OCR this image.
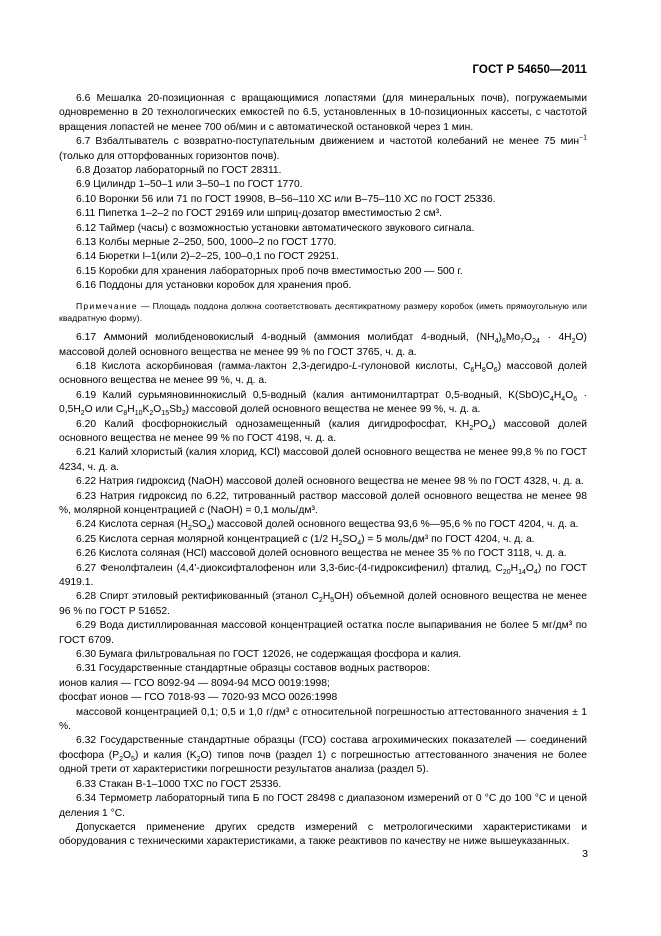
ГОСТ Р 54650—2011

6.6 Мешалка 20-позиционная с вращающимися лопастями (для минеральных почв), погружаемыми одновременно в 20 технологических емкостей по 6.5, установленных в 10-позиционных кассеты, с частотой вращения лопастей не менее 700 об/мин и с автоматической остановкой через 1 мин.

6.7 Взбалтыватель с возвратно-поступательным движением и частотой колебаний не менее 75 мин$^{-1}$ (только для отторфованных горизонтов почв).

6.8 Дозатор лабораторный по ГОСТ 28311.

6.9 Цилиндр 1–50–1 или 3–50–1 по ГОСТ 1770.

6.10 Воронки 56 или 71 по ГОСТ 19908, В–56–110 ХС или В–75–110 ХС по ГОСТ 25336.

6.11 Пипетка 1–2–2 по ГОСТ 29169 или шприц-дозатор вместимостью 2 см³.

6.12 Таймер (часы) с возможностью установки автоматического звукового сигнала.

6.13 Колбы мерные 2–250, 500, 1000–2 по ГОСТ 1770.

6.14 Бюретки I–1(или 2)–2–25, 100–0,1 по ГОСТ 29251.

6.15 Коробки для хранения лабораторных проб почв вместимостью 200 — 500 г.

6.16 Поддоны для установки коробок для хранения проб.

Примечание — Площадь поддона должна соответствовать десятикратному размеру коробок (иметь прямоугольную или квадратную форму).

6.17 Аммоний молибденовокислый 4-водный (аммония молибдат 4-водный, $(NH_4)_6Mo_7O_{24} \cdot 4H_2O$) массовой долей основного вещества не менее 99 % по ГОСТ 3765, ч. д. а.

6.18 Кислота аскорбиновая (гамма-лактон 2,3-дегидро-L-гулоновой кислоты, $C_6H_8O_6$) массовой долей основного вещества не менее 99 %, ч. д. а.

6.19 Калий сурьмяновиннокислый 0,5-водный (калия антимонилтартрат 0,5-водный, $K(SbO)C_4H_4O_6 \cdot 0,5H_2O$ или $C_8H_{10}K_2O_{15}Sb_2$) массовой долей основного вещества не менее 99 %, ч. д. а.

6.20 Калий фосфорнокислый однозамещенный (калия дигидрофосфат, $KH_2PO_4$) массовой долей основного вещества не менее 99 % по ГОСТ 4198, ч. д. а.

6.21 Калий хлористый (калия хлорид, KCl) массовой долей основного вещества не менее 99,8 % по ГОСТ 4234, ч. д. а.

6.22 Натрия гидроксид (NaOH) массовой долей основного вещества не менее 98 % по ГОСТ 4328, ч. д. а.

6.23 Натрия гидроксид по 6.22, титрованный раствор массовой долей основного вещества не менее 98 %, молярной концентрацией c (NaOH) = 0,1 моль/дм³.

6.24 Кислота серная $(H_2SO_4)$ массовой долей основного вещества 93,6 %—95,6 % по ГОСТ 4204, ч. д. а.

6.25 Кислота серная молярной концентрацией c (1/2 $H_2SO_4) = 5$ моль/дм³ по ГОСТ 4204, ч. д. а.

6.26 Кислота соляная (HCl) массовой долей основного вещества не менее 35 % по ГОСТ 3118, ч. д. а.

6.27 Фенолфталеин (4,4'-диоксифталофенон или 3,3-бис-(4-гидроксифенил) фталид, $C_{20}H_{14}O_4$) по ГОСТ 4919.1.

6.28 Спирт этиловый ректификованный (этанол $C_2H_5OH$) объемной долей основного вещества не менее 96 % по ГОСТ Р 51652.

6.29 Вода дистиллированная массовой концентрацией остатка после выпаривания не более 5 мг/дм³ по ГОСТ 6709.

6.30 Бумага фильтровальная по ГОСТ 12026, не содержащая фосфора и калия.

6.31 Государственные стандартные образцы составов водных растворов:

ионов калия — ГСО 8092-94 — 8094-94 МСО 0019:1998;

фосфат ионов — ГСО 7018-93 — 7020-93 МСО 0026:1998

массовой концентрацией 0,1; 0,5 и 1,0 г/дм³ с относительной погрешностью аттестованного значения ± 1 %.

6.32 Государственные стандартные образцы (ГСО) состава агрохимических показателей — соединений фосфора $(P_2O_5)$ и калия $(K_2O)$ типов почв (раздел 1) с погрешностью аттестованного значения не более одной трети от характеристики погрешности результатов анализа (раздел 5).

6.33 Стакан В-1–1000 ТХС по ГОСТ 25336.

6.34 Термометр лабораторный типа Б по ГОСТ 28498 с диапазоном измерений от 0 °С до 100 °С и ценой деления 1 °С.

Допускается применение других средств измерений с метрологическими характеристиками и оборудования с техническими характеристиками, а также реактивов по качеству не ниже вышеуказанных.

3
